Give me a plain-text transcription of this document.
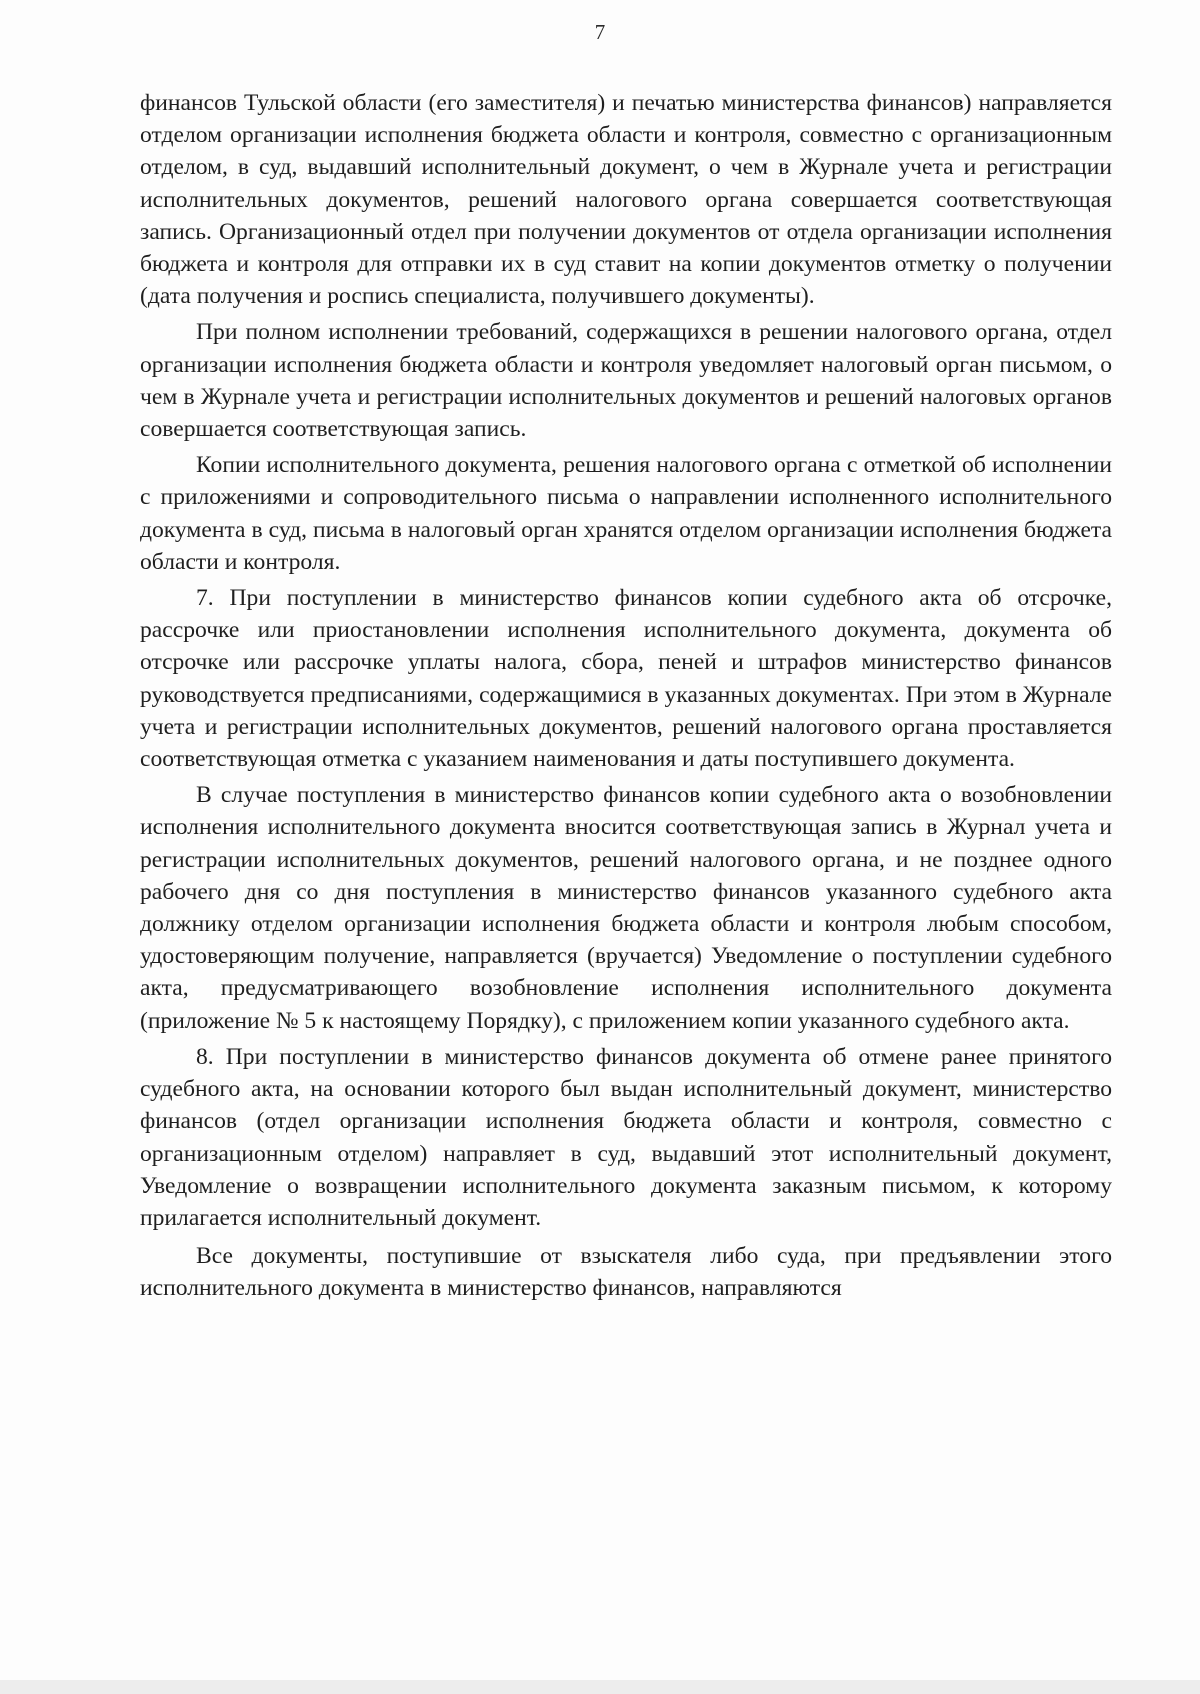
7

финансов Тульской области (его заместителя) и печатью министерства финансов) направляется отделом организации исполнения бюджета области и контроля, совместно с организационным отделом, в суд, выдавший исполнительный документ, о чем в Журнале учета и регистрации исполнительных документов, решений налогового органа совершается соответствующая запись. Организационный отдел при получении документов от отдела организации исполнения бюджета и контроля для отправки их в суд ставит на копии документов отметку о получении (дата получения и роспись специалиста, получившего документы).

При полном исполнении требований, содержащихся в решении налогового органа, отдел организации исполнения бюджета области и контроля уведомляет налоговый орган письмом, о чем в Журнале учета и регистрации исполнительных документов и решений налоговых органов совершается соответствующая запись.

Копии исполнительного документа, решения налогового органа с отметкой об исполнении с приложениями и сопроводительного письма о направлении исполненного исполнительного документа в суд, письма в налоговый орган хранятся отделом организации исполнения бюджета области и контроля.

7. При поступлении в министерство финансов копии судебного акта об отсрочке, рассрочке или приостановлении исполнения исполнительного документа, документа об отсрочке или рассрочке уплаты налога, сбора, пеней и штрафов министерство финансов руководствуется предписаниями, содержащимися в указанных документах. При этом в Журнале учета и регистрации исполнительных документов, решений налогового органа проставляется соответствующая отметка с указанием наименования и даты поступившего документа.

В случае поступления в министерство финансов копии судебного акта о возобновлении исполнения исполнительного документа вносится соответствующая запись в Журнал учета и регистрации исполнительных документов, решений налогового органа, и не позднее одного рабочего дня со дня поступления в министерство финансов указанного судебного акта должнику отделом организации исполнения бюджета области и контроля любым способом, удостоверяющим получение, направляется (вручается) Уведомление о поступлении судебного акта, предусматривающего возобновление исполнения исполнительного документа (приложение № 5 к настоящему Порядку), с приложением копии указанного судебного акта.

8. При поступлении в министерство финансов документа об отмене ранее принятого судебного акта, на основании которого был выдан исполнительный документ, министерство финансов (отдел организации исполнения бюджета области и контроля, совместно с организационным отделом) направляет в суд, выдавший этот исполнительный документ, Уведомление о возвращении исполнительного документа заказным письмом, к которому прилагается исполнительный документ.

Все документы, поступившие от взыскателя либо суда, при предъявлении этого исполнительного документа в министерство финансов, направляются
